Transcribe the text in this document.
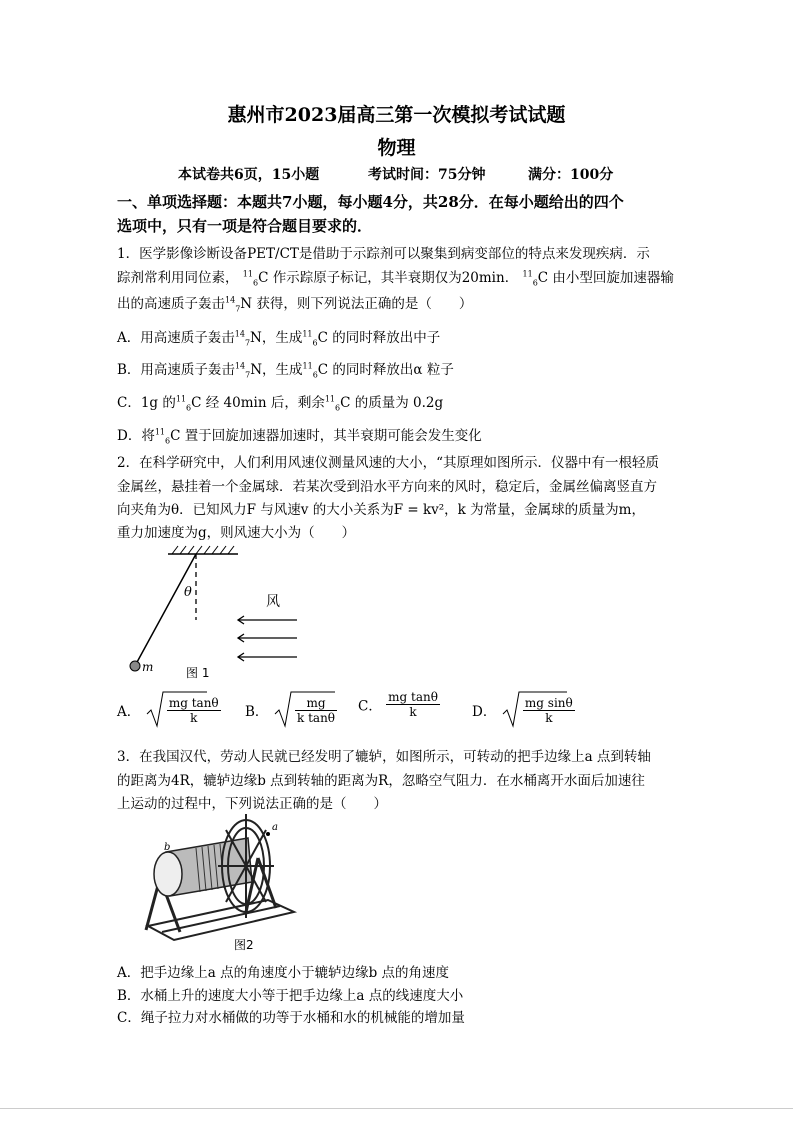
惠州市2023届高三第一次模拟考试试题
物理
本试卷共6页，15小题	考试时间：75分钟	满分：100分
一、单项选择题：本题共7小题，每小题4分，共28分．在每小题给出的四个
选项中，只有一项是符合题目要求的．
1．医学影像诊断设备PET/CT是借助于示踪剂可以聚集到病变部位的特点来发现疾病．示
踪剂常利用同位素， $^{11}_6$C 作示踪原子标记，其半衰期仅为20min． $^{11}_6$C 由小型回旋加速器输
出的高速质子轰击$^{14}_7$N 获得，则下列说法正确的是（　　）
A．用高速质子轰击$^{14}_7$N，生成$^{11}_6$C 的同时释放出中子
B．用高速质子轰击$^{14}_7$N，生成$^{11}_6$C 的同时释放出α 粒子
C．1g 的$^{11}_6$C 经 40min 后，剩余$^{11}_6$C 的质量为 0.2g
D．将$^{11}_6$C 置于回旋加速器加速时，其半衰期可能会发生变化
2．在科学研究中，人们利用风速仪测量风速的大小，“其原理如图所示．仪器中有一根轻质
金属丝，悬挂着一个金属球．若某次受到沿水平方向来的风时，稳定后，金属丝偏离竖直方
向夹角为θ．已知风力F 与风速v 的大小关系为F = kv²，k 为常量，金属球的质量为m，
重力加速度为g，则风速大小为（　　）
θ
m
风
图 1
A． $\frac{\text{mg tanθ}}{k}$ B． $\frac{mg}{\text{k tanθ}}$ C． $\frac{\text{mg tanθ}}{k}$ D． $\frac{\text{mg sinθ}}{k}$
3．在我国汉代，劳动人民就已经发明了辘轳，如图所示，可转动的把手边缘上a 点到转轴
的距离为4R，辘轳边缘b 点到转轴的距离为R，忽略空气阻力．在水桶离开水面后加速往
上运动的过程中，下列说法正确的是（　　）
a
b
图2
A．把手边缘上a 点的角速度小于辘轳边缘b 点的角速度
B．水桶上升的速度大小等于把手边缘上a 点的线速度大小
C．绳子拉力对水桶做的功等于水桶和水的机械能的增加量
